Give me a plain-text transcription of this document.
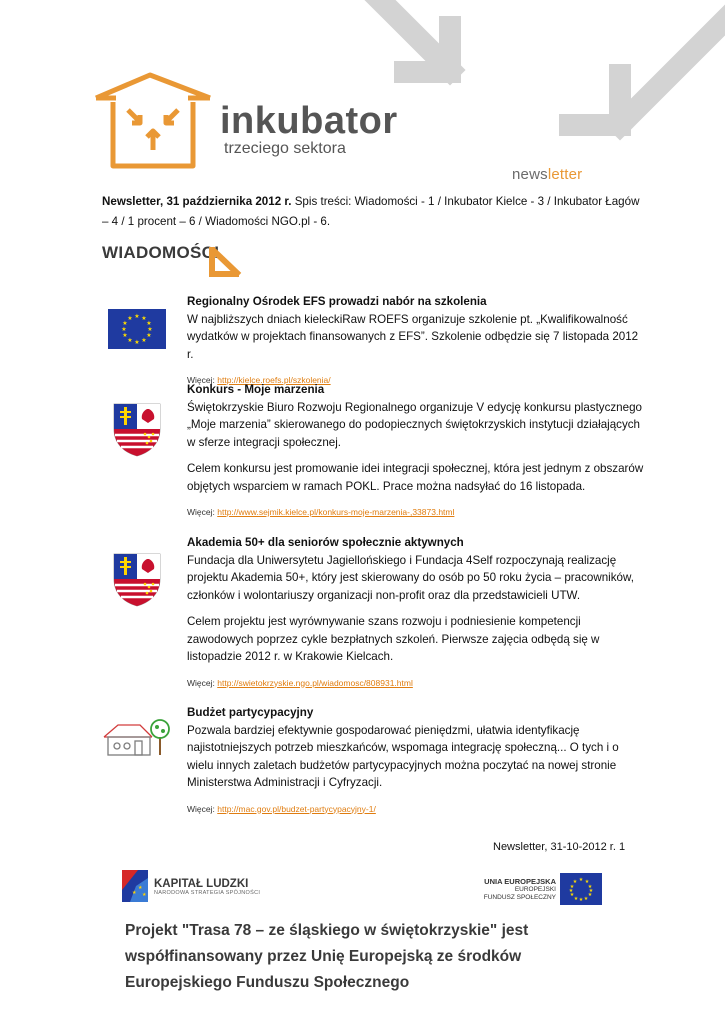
inkubator
trzeciego sektora
newsletter
Newsletter, 31 października 2012 r. Spis treści: Wiadomości - 1 / Inkubator Kielce - 3 / Inkubator Łagów – 4 / 1 procent – 6 / Wiadomości NGO.pl - 6.
WIADOMOŚCI
★ ★
★
★
★
★
★
★
★
★
★
★
Regionalny Ośrodek EFS prowadzi nabór na szkolenia

W najbliższych dniach kieleckiRaw ROEFS organizuje szkolenie pt. „Kwalifikowalność wydatków w projektach finansowanych z EFS”. Szkolenie odbędzie się 7 listopada 2012 r.

Więcej: http://kielce.roefs.pl/szkolenia/
Konkurs - Moje marzenia

Świętokrzyskie Biuro Rozwoju Regionalnego organizuje V edycję konkursu plastycznego „Moje marzenia” skierowanego do podopiecznych świętokrzyskich instytucji działających w sferze integracji społecznej.

Celem konkursu jest promowanie idei integracji społecznej, która jest jednym z obszarów objętych wsparciem w ramach POKL. Prace można nadsyłać do 16 listopada.

Więcej: http://www.sejmik.kielce.pl/konkurs-moje-marzenia-,33873.html
Akademia 50+ dla seniorów społecznie aktywnych

Fundacja dla Uniwersytetu Jagiellońskiego i Fundacja 4Self rozpoczynają realizację projektu Akademia 50+, który jest skierowany do osób po 50 roku życia – pracowników, członków i wolontariuszy organizacji non-profit oraz dla przedstawicieli UTW.

Celem projektu jest wyrównywanie szans rozwoju i podniesienie kompetencji zawodowych poprzez cykle bezpłatnych szkoleń. Pierwsze zajęcia odbędą się w listopadzie 2012 r. w Krakowie Kielcach.

Więcej: http://swietokrzyskie.ngo.pl/wiadomosc/808931.html
Budżet partycypacyjny

Pozwala bardziej efektywnie gospodarować pieniędzmi, ułatwia identyfikację najistotniejszych potrzeb mieszkańców, wspomaga integrację społeczną... O tych i o wielu innych zaletach budżetów partycypacyjnych można poczytać na nowej stronie Ministerstwa Administracji i Cyfryzacji.

Więcej: http://mac.gov.pl/budzet-partycypacyjny-1/
Newsletter, 31-10-2012 r. 1
★
★
★
KAPITAŁ LUDZKI
NARODOWA STRATEGIA SPÓJNOŚCI
UNIA EUROPEJSKA
EUROPEJSKI
FUNDUSZ SPOŁECZNY
★ ★
★
★
★
★
★
★
★
★
★
★
Projekt "Trasa 78 – ze śląskiego w świętokrzyskie" jest współfinansowany przez Unię Europejską ze środków Europejskiego Funduszu Społecznego
